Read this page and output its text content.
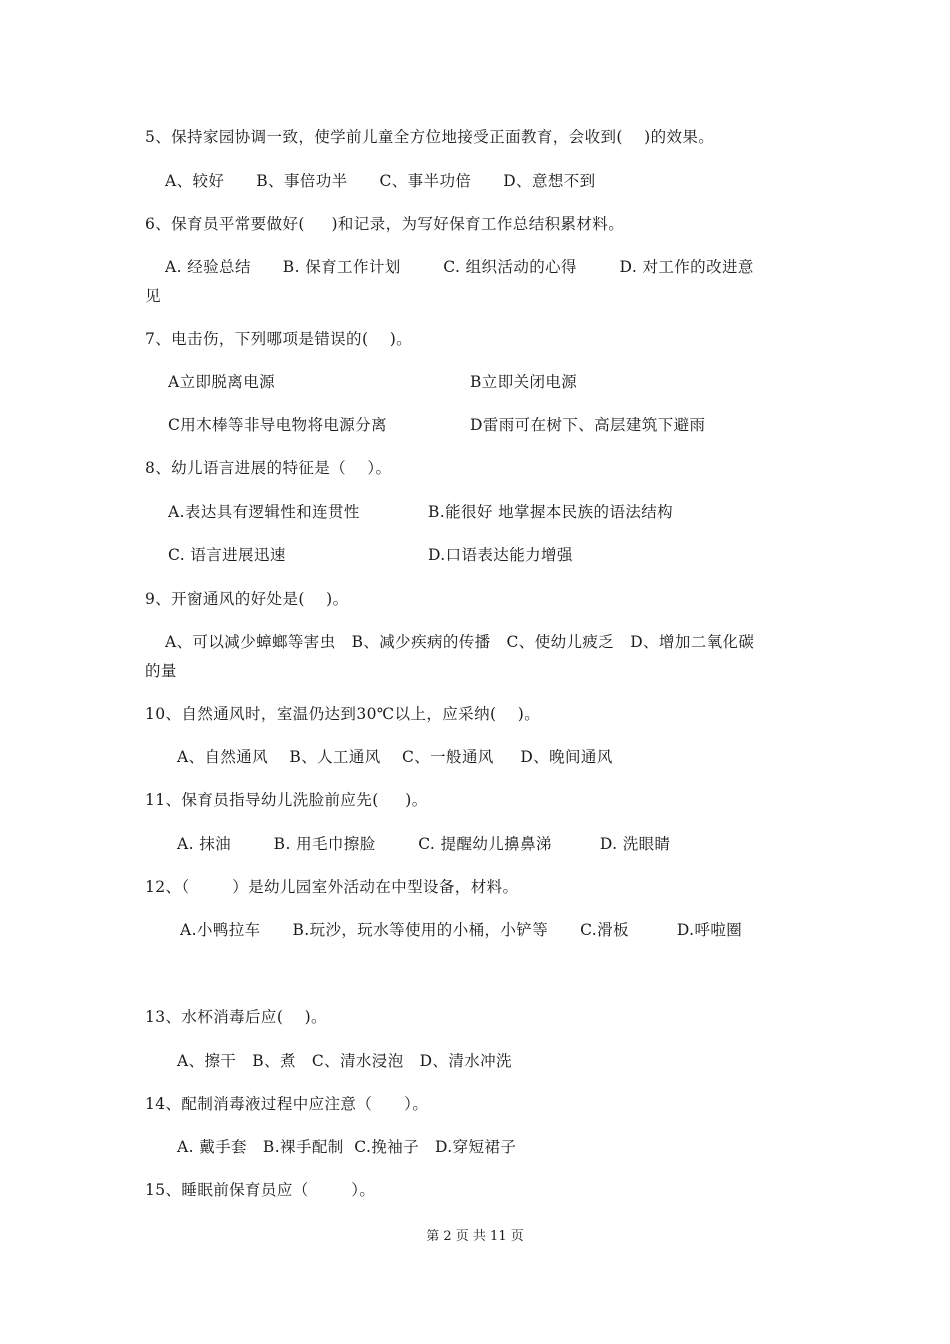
5、保持家园协调一致，使学前儿童全方位地接受正面教育，会收到(    )的效果。
A、较好      B、事倍功半      C、事半功倍      D、意想不到
6、保育员平常要做好(     )和记录，为写好保育工作总结积累材料。
A. 经验总结      B. 保育工作计划        C. 组织活动的心得        D. 对工作的改进意
见
7、电击伤，下列哪项是错误的(    )。
A立即脱离电源	B立即关闭电源
C用木棒等非导电物将电源分离	D雷雨可在树下、高层建筑下避雨
8、幼儿语言进展的特征是（    ）。
A.表达具有逻辑性和连贯性	B.能很好 地掌握本民族的语法结构
C. 语言进展迅速	D.口语表达能力增强
9、开窗通风的好处是(    )。
A、可以减少蟑螂等害虫   B、减少疾病的传播   C、使幼儿疲乏   D、增加二氧化碳
的量
10、自然通风时，室温仍达到30℃以上，应采纳(    )。
A、自然通风    B、人工通风    C、一般通风     D、晚间通风
11、保育员指导幼儿洗脸前应先(     )。
A. 抹油        B. 用毛巾擦脸        C. 提醒幼儿擤鼻涕         D. 洗眼睛
12、（        ）是幼儿园室外活动在中型设备，材料。
A.小鸭拉车      B.玩沙，玩水等使用的小桶，小铲等      C.滑板         D.呼啦圈
13、水杯消毒后应(    )。
A、擦干   B、煮   C、清水浸泡   D、清水冲洗
14、配制消毒液过程中应注意（      ）。
A. 戴手套   B.裸手配制  C.挽袖子   D.穿短裙子
15、睡眠前保育员应（        ）。
第 2 页 共 11 页
